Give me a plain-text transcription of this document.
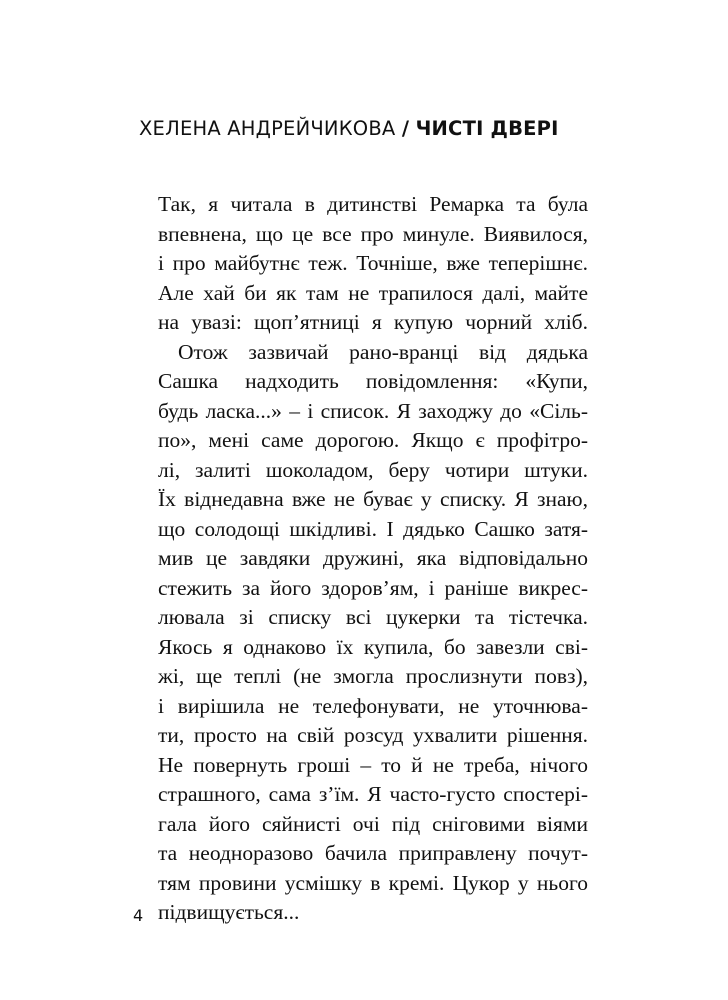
ХЕЛЕНА АНДРЕЙЧИКОВА / ЧИСТІ ДВЕРІ
Так, я читала в дитинстві Ремарка та була
впевнена, що це все про минуле. Виявилося,
і про майбутнє теж. Точніше, вже теперішнє.
Але хай би як там не трапилося далі, майте
на увазі: щоп’ятниці я купую чорний хліб.
Отож зазвичай рано-вранці від дядька
Сашка надходить повідомлення: «Купи,
будь ласка...» – і список. Я заходжу до «Сіль-
по», мені саме дорогою. Якщо є профітро-
лі, залиті шоколадом, беру чотири штуки.
Їх віднедавна вже не буває у списку. Я знаю,
що солодощі шкідливі. І дядько Сашко затя-
мив це завдяки дружині, яка відповідально
стежить за його здоров’ям, і раніше викрес-
лювала зі списку всі цукерки та тістечка.
Якось я однаково їх купила, бо завезли сві-
жі, ще теплі (не змогла прослизнути повз),
і вирішила не телефонувати, не уточнюва-
ти, просто на свій розсуд ухвалити рішення.
Не повернуть гроші – то й не треба, нічого
страшного, сама з’їм. Я часто-густо спостері-
гала його сяйнисті очі під сніговими віями
та неодноразово бачила приправлену почут-
тям провини усмішку в кремі. Цукор у нього
підвищується...
4
